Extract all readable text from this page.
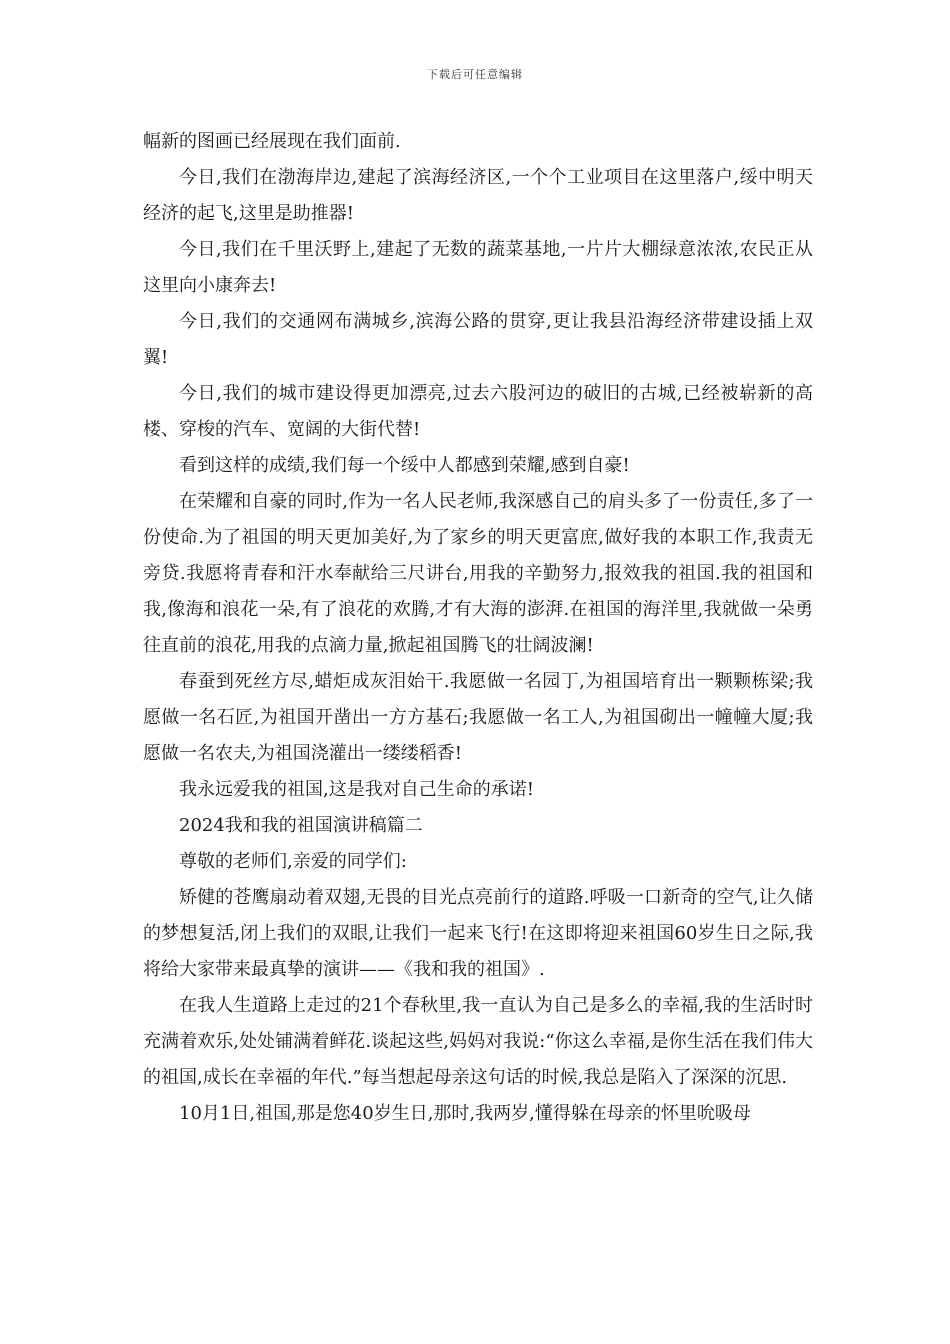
下载后可任意编辑

幅新的图画已经展现在我们面前.

今日,我们在渤海岸边,建起了滨海经济区,一个个工业项目在这里落户,绥中明天经济的起飞,这里是助推器!

今日,我们在千里沃野上,建起了无数的蔬菜基地,一片片大棚绿意浓浓,农民正从这里向小康奔去!

今日,我们的交通网布满城乡,滨海公路的贯穿,更让我县沿海经济带建设插上双翼!

今日,我们的城市建设得更加漂亮,过去六股河边的破旧的古城,已经被崭新的高楼、穿梭的汽车、宽阔的大街代替!

看到这样的成绩,我们每一个绥中人都感到荣耀,感到自豪!

在荣耀和自豪的同时,作为一名人民老师,我深感自己的肩头多了一份责任,多了一份使命.为了祖国的明天更加美好,为了家乡的明天更富庶,做好我的本职工作,我责无旁贷.我愿将青春和汗水奉献给三尺讲台,用我的辛勤努力,报效我的祖国.我的祖国和我,像海和浪花一朵,有了浪花的欢腾,才有大海的澎湃.在祖国的海洋里,我就做一朵勇往直前的浪花,用我的点滴力量,掀起祖国腾飞的壮阔波澜!

春蚕到死丝方尽,蜡炬成灰泪始干.我愿做一名园丁,为祖国培育出一颗颗栋梁;我愿做一名石匠,为祖国开凿出一方方基石;我愿做一名工人,为祖国砌出一幢幢大厦;我愿做一名农夫,为祖国浇灌出一缕缕稻香!

我永远爱我的祖国,这是我对自己生命的承诺!

2024我和我的祖国演讲稿篇二

尊敬的老师们,亲爱的同学们:

矫健的苍鹰扇动着双翅,无畏的目光点亮前行的道路.呼吸一口新奇的空气,让久储的梦想复活,闭上我们的双眼,让我们一起来飞行!在这即将迎来祖国60岁生日之际,我将给大家带来最真挚的演讲——《我和我的祖国》.

在我人生道路上走过的21个春秋里,我一直认为自己是多么的幸福,我的生活时时充满着欢乐,处处铺满着鲜花.谈起这些,妈妈对我说:“你这么幸福,是你生活在我们伟大的祖国,成长在幸福的年代.”每当想起母亲这句话的时候,我总是陷入了深深的沉思.

10月1日,祖国,那是您40岁生日,那时,我两岁,懂得躲在母亲的怀里吮吸母
